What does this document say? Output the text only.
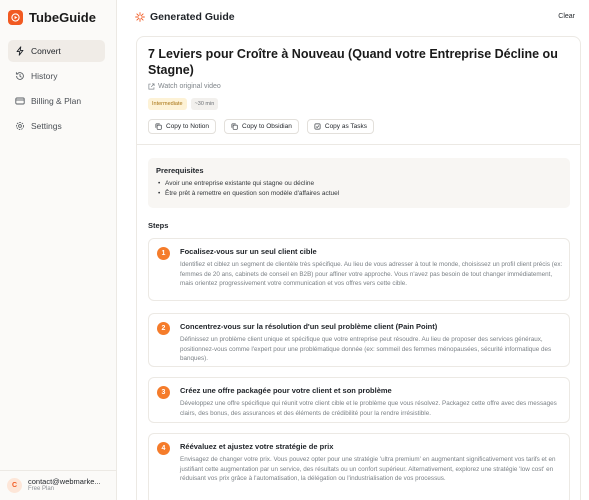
TubeGuide
Convert
History
Billing & Plan
Settings
C	contact@webmarke...
Free Plan
Generated Guide	Clear
7 Leviers pour Croître à Nouveau (Quand votre Entreprise Décline ou Stagne)
Watch original video
Intermediate	~30 min
Copy to Notion	Copy to Obsidian	Copy as Tasks
Prerequisites
• Avoir une entreprise existante qui stagne ou décline
• Être prêt à remettre en question son modèle d'affaires actuel
Steps
1	Focalisez-vous sur un seul client cible
Identifiez et ciblez un segment de clientèle très spécifique. Au lieu de vous adresser à tout le monde, choisissez un profil client précis (ex: femmes de 20 ans, cabinets de conseil en B2B) pour affiner votre approche. Vous n'avez pas besoin de tout changer immédiatement, mais orientez progressivement votre communication et vos offres vers cette cible.
2	Concentrez-vous sur la résolution d'un seul problème client (Pain Point)
Définissez un problème client unique et spécifique que votre entreprise peut résoudre. Au lieu de proposer des services généraux, positionnez-vous comme l'expert pour une problématique donnée (ex: sommeil des femmes ménopausées, sécurité informatique des banques).
3	Créez une offre packagée pour votre client et son problème
Développez une offre spécifique qui réunit votre client cible et le problème que vous résolvez. Packagez cette offre avec des messages clairs, des bonus, des assurances et des éléments de crédibilité pour la rendre irrésistible.
4	Réévaluez et ajustez votre stratégie de prix
Envisagez de changer votre prix. Vous pouvez opter pour une stratégie 'ultra premium' en augmentant significativement vos tarifs et en justifiant cette augmentation par un service, des résultats ou un confort supérieur. Alternativement, explorez une stratégie 'low cost' en réduisant vos prix grâce à l'automatisation, la délégation ou l'industrialisation de vos processus.
